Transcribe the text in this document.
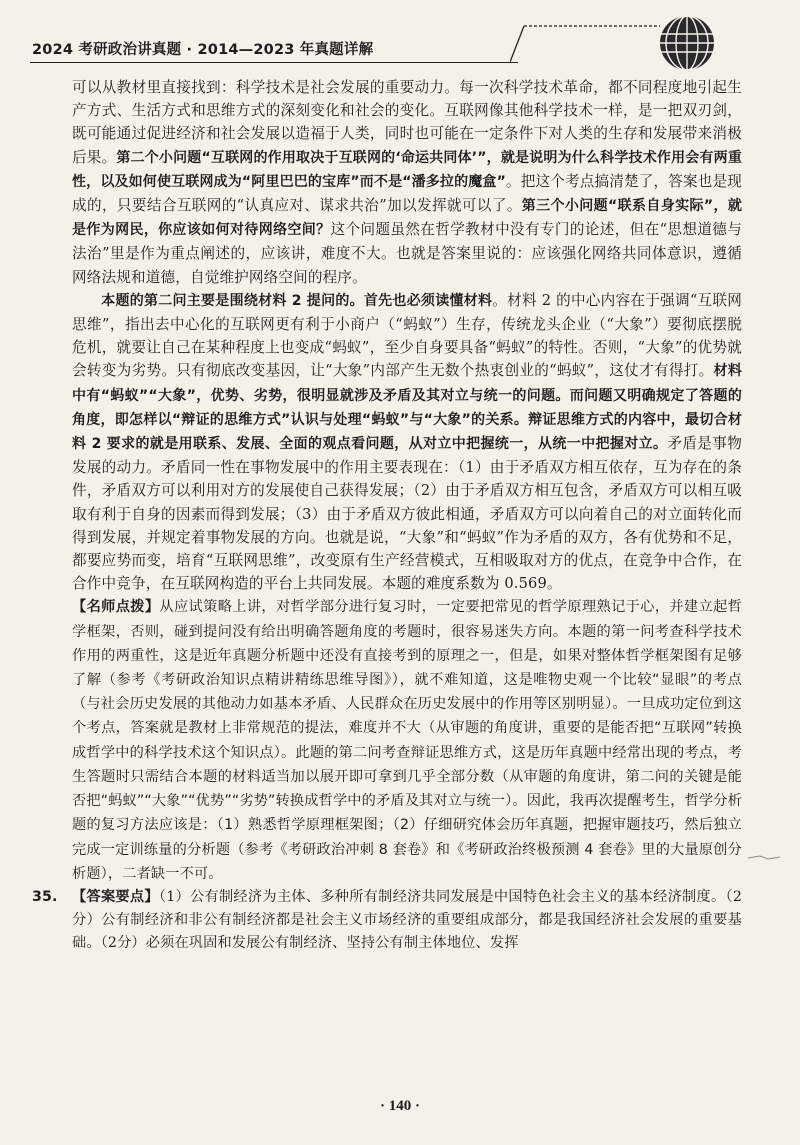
2024 考研政治讲真题 · 2014—2023 年真题详解

可以从教材里直接找到：科学技术是社会发展的重要动力。每一次科学技术革命，都不同程度地引起生产方式、生活方式和思维方式的深刻变化和社会的变化。互联网像其他科学技术一样，是一把双刃剑，既可能通过促进经济和社会发展以造福于人类，同时也可能在一定条件下对人类的生存和发展带来消极后果。第二个小问题“互联网的作用取决于互联网的‘命运共同体’”，就是说明为什么科学技术作用会有两重性，以及如何使互联网成为“阿里巴巴的宝库”而不是“潘多拉的魔盒”。把这个考点搞清楚了，答案也是现成的，只要结合互联网的“认真应对、谋求共治”加以发挥就可以了。第三个小问题“联系自身实际”，就是作为网民，你应该如何对待网络空间？这个问题虽然在哲学教材中没有专门的论述，但在“思想道德与法治”里是作为重点阐述的，应该讲，难度不大。也就是答案里说的：应该强化网络共同体意识，遵循网络法规和道德，自觉维护网络空间的程序。

本题的第二问主要是围绕材料 2 提问的。首先也必须读懂材料。材料 2 的中心内容在于强调“互联网思维”，指出去中心化的互联网更有利于小商户（“蚂蚁”）生存，传统龙头企业（“大象”）要彻底摆脱危机，就要让自己在某种程度上也变成“蚂蚁”，至少自身要具备“蚂蚁”的特性。否则，“大象”的优势就会转变为劣势。只有彻底改变基因，让“大象”内部产生无数个热衷创业的“蚂蚁”，这仗才有得打。材料中有“蚂蚁”“大象”，优势、劣势，很明显就涉及矛盾及其对立与统一的问题。而问题又明确规定了答题的角度，即怎样以“辩证的思维方式”认识与处理“蚂蚁”与“大象”的关系。辩证思维方式的内容中，最切合材料 2 要求的就是用联系、发展、全面的观点看问题，从对立中把握统一，从统一中把握对立。矛盾是事物发展的动力。矛盾同一性在事物发展中的作用主要表现在：（1）由于矛盾双方相互依存，互为存在的条件，矛盾双方可以利用对方的发展使自己获得发展；（2）由于矛盾双方相互包含，矛盾双方可以相互吸取有利于自身的因素而得到发展；（3）由于矛盾双方彼此相通，矛盾双方可以向着自己的对立面转化而得到发展，并规定着事物发展的方向。也就是说，“大象”和“蚂蚁”作为矛盾的双方，各有优势和不足，都要应势而变，培育“互联网思维”，改变原有生产经营模式，互相吸取对方的优点，在竞争中合作，在合作中竞争，在互联网构造的平台上共同发展。本题的难度系数为 0.569。

【名师点拨】从应试策略上讲，对哲学部分进行复习时，一定要把常见的哲学原理熟记于心，并建立起哲学框架，否则，碰到提问没有给出明确答题角度的考题时，很容易迷失方向。本题的第一问考查科学技术作用的两重性，这是近年真题分析题中还没有直接考到的原理之一，但是，如果对整体哲学框架图有足够了解（参考《考研政治知识点精讲精练思维导图》），就不难知道，这是唯物史观一个比较“显眼”的考点（与社会历史发展的其他动力如基本矛盾、人民群众在历史发展中的作用等区别明显）。一旦成功定位到这个考点，答案就是教材上非常规范的提法，难度并不大（从审题的角度讲，重要的是能否把“互联网”转换成哲学中的科学技术这个知识点）。此题的第二问考查辩证思维方式，这是历年真题中经常出现的考点，考生答题时只需结合本题的材料适当加以展开即可拿到几乎全部分数（从审题的角度讲，第二问的关键是能否把“蚂蚁”“大象”“优势”“劣势”转换成哲学中的矛盾及其对立与统一）。因此，我再次提醒考生，哲学分析题的复习方法应该是：（1）熟悉哲学原理框架图；（2）仔细研究体会历年真题，把握审题技巧，然后独立完成一定训练量的分析题（参考《考研政治冲刺 8 套卷》和《考研政治终极预测 4 套卷》里的大量原创分析题），二者缺一不可。

35. 【答案要点】（1）公有制经济为主体、多种所有制经济共同发展是中国特色社会主义的基本经济制度。（2分）公有制经济和非公有制经济都是社会主义市场经济的重要组成部分，都是我国经济社会发展的重要基础。（2分）必须在巩固和发展公有制经济、坚持公有制主体地位、发挥

· 140 ·
